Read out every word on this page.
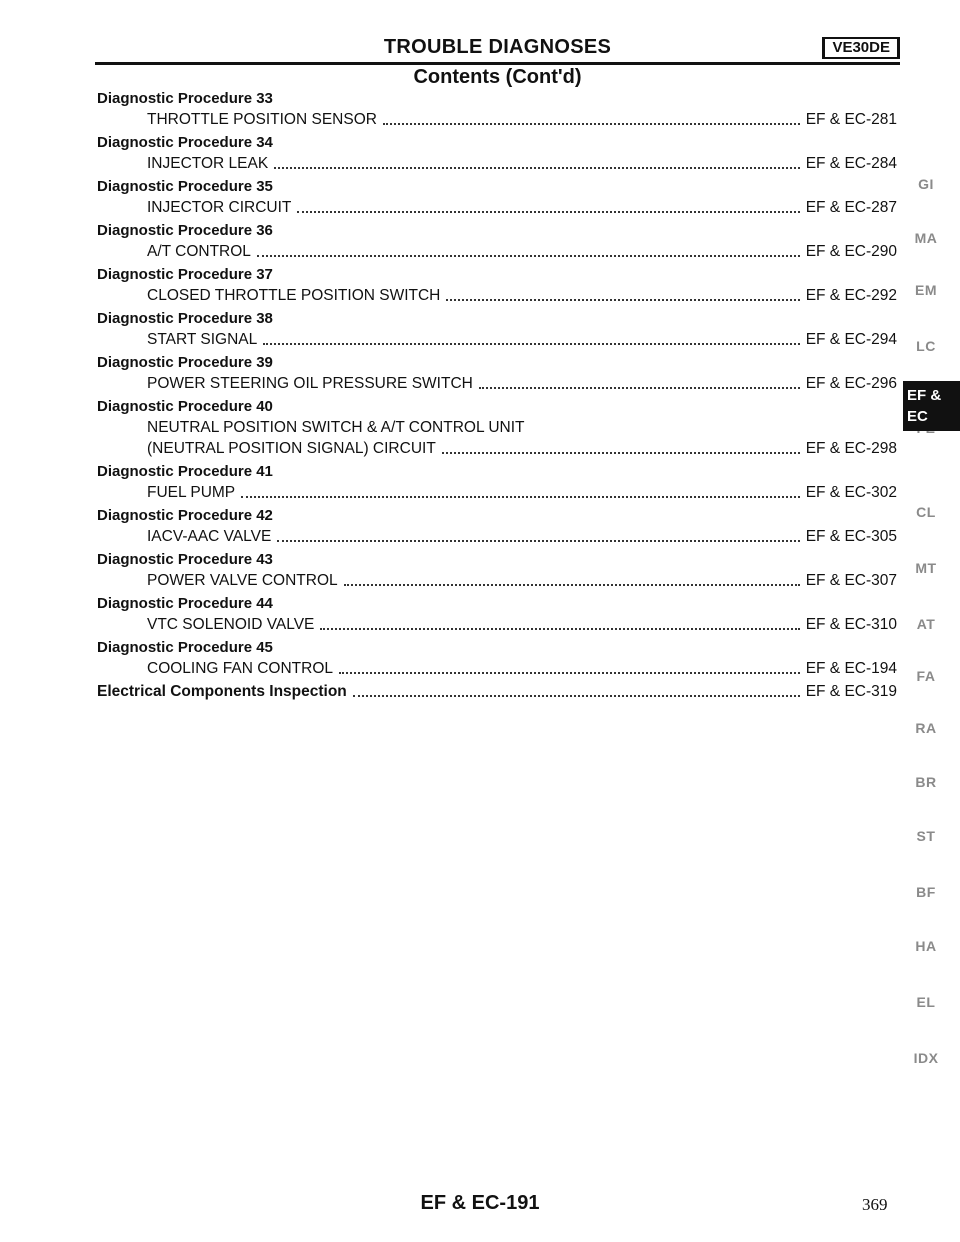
TROUBLE DIAGNOSES	VE30DE
Contents (Cont'd)
Diagnostic Procedure 33
THROTTLE POSITION SENSOR	EF & EC-281
Diagnostic Procedure 34
INJECTOR LEAK	EF & EC-284
Diagnostic Procedure 35
INJECTOR CIRCUIT	EF & EC-287
Diagnostic Procedure 36
A/T CONTROL	EF & EC-290
Diagnostic Procedure 37
CLOSED THROTTLE POSITION SWITCH	EF & EC-292
Diagnostic Procedure 38
START SIGNAL	EF & EC-294
Diagnostic Procedure 39
POWER STEERING OIL PRESSURE SWITCH	EF & EC-296
Diagnostic Procedure 40
NEUTRAL POSITION SWITCH & A/T CONTROL UNIT
(NEUTRAL POSITION SIGNAL) CIRCUIT	EF & EC-298
Diagnostic Procedure 41
FUEL PUMP	EF & EC-302
Diagnostic Procedure 42
IACV-AAC VALVE	EF & EC-305
Diagnostic Procedure 43
POWER VALVE CONTROL	EF & EC-307
Diagnostic Procedure 44
VTC SOLENOID VALVE	EF & EC-310
Diagnostic Procedure 45
COOLING FAN CONTROL	EF & EC-194
Electrical Components Inspection	EF & EC-319
GI
MA
EM
LC
CL
MT
AT
FA
RA
BR
ST
BF
HA
EL
IDX
EF & EC
EF & EC-191	369
